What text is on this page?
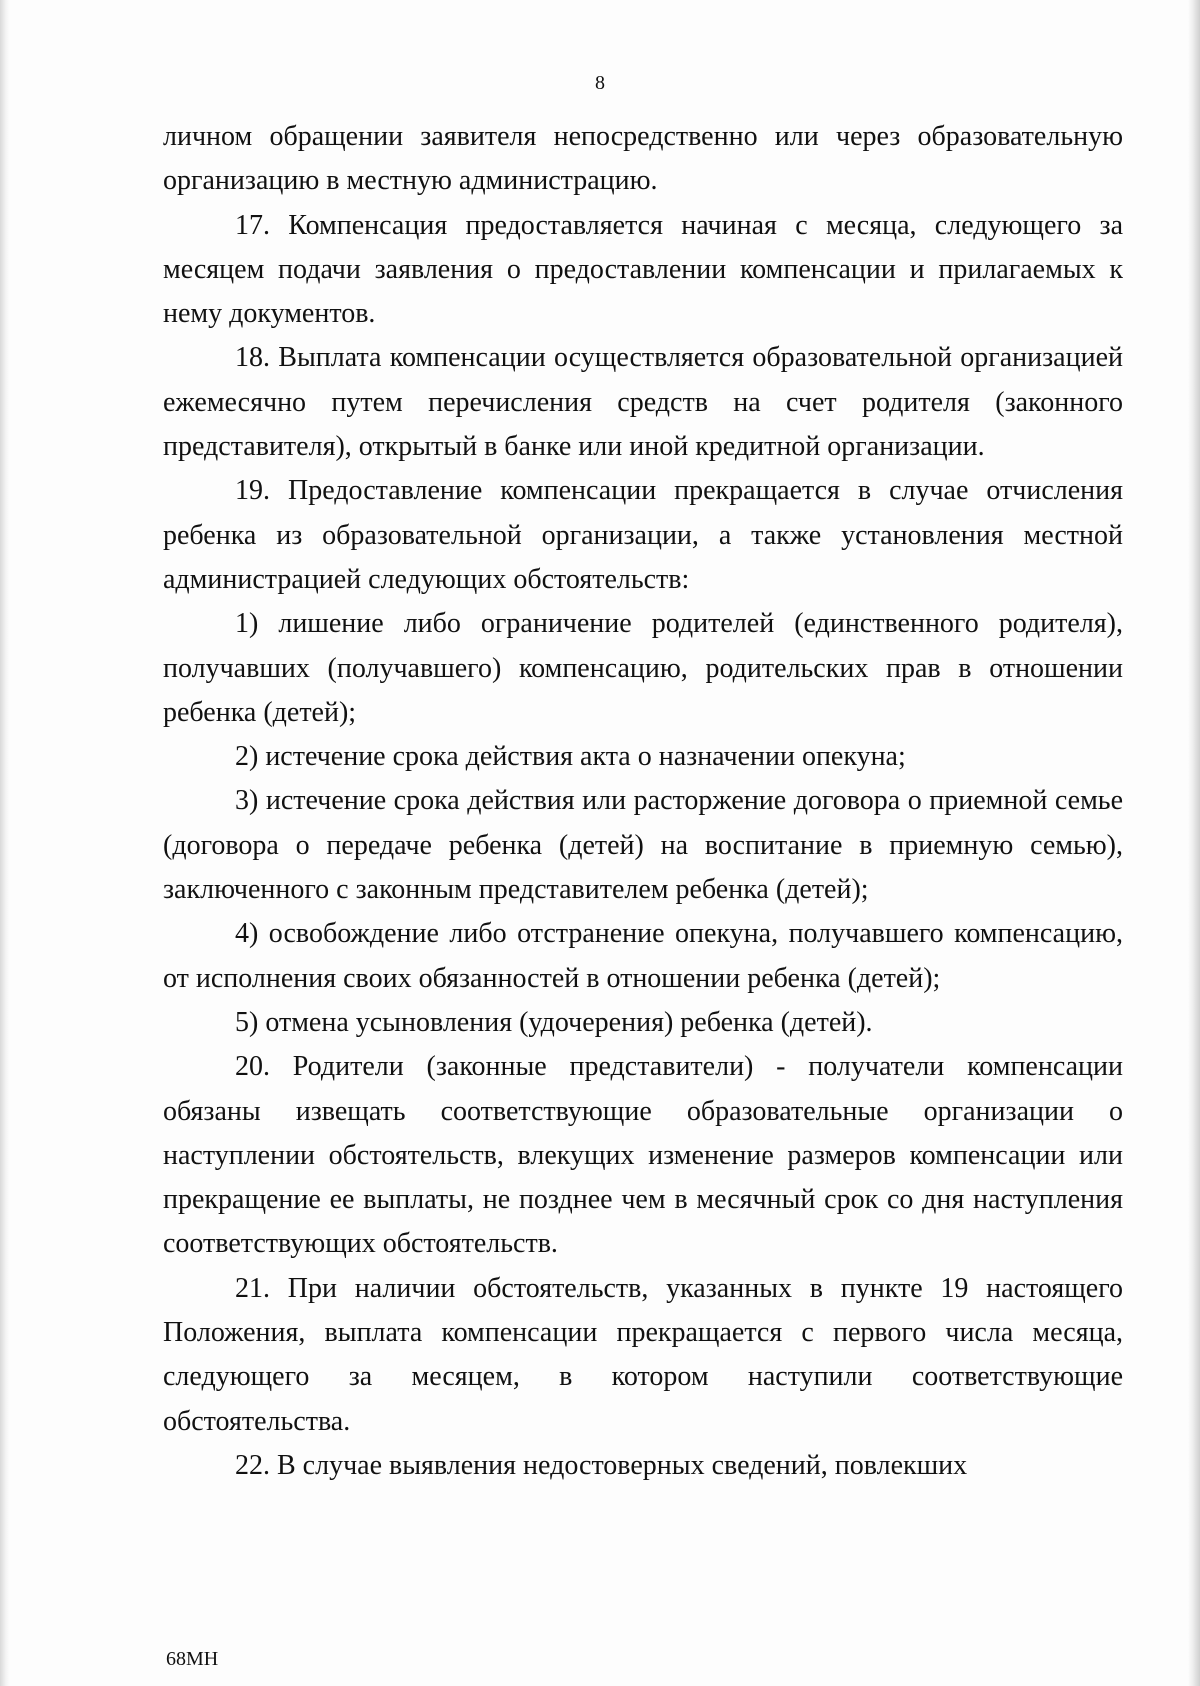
8

личном обращении заявителя непосредственно или через образовательную организацию в местную администрацию.

17. Компенсация предоставляется начиная с месяца, следующего за месяцем подачи заявления о предоставлении компенсации и прилагаемых к нему документов.

18. Выплата компенсации осуществляется образовательной организацией ежемесячно путем перечисления средств на счет родителя (законного представителя), открытый в банке или иной кредитной организации.

19. Предоставление компенсации прекращается в случае отчисления ребенка из образовательной организации, а также установления местной администрацией следующих обстоятельств:

1) лишение либо ограничение родителей (единственного родителя), получавших (получавшего) компенсацию, родительских прав в отношении ребенка (детей);

2) истечение срока действия акта о назначении опекуна;

3) истечение срока действия или расторжение договора о приемной семье (договора о передаче ребенка (детей) на воспитание в приемную семью), заключенного с законным представителем ребенка (детей);

4) освобождение либо отстранение опекуна, получавшего компенсацию, от исполнения своих обязанностей в отношении ребенка (детей);

5) отмена усыновления (удочерения) ребенка (детей).

20. Родители (законные представители) - получатели компенсации обязаны извещать соответствующие образовательные организации о наступлении обстоятельств, влекущих изменение размеров компенсации или прекращение ее выплаты, не позднее чем в месячный срок со дня наступления соответствующих обстоятельств.

21. При наличии обстоятельств, указанных в пункте 19 настоящего Положения, выплата компенсации прекращается с первого числа месяца, следующего за месяцем, в котором наступили соответствующие обстоятельства.

22. В случае выявления недостоверных сведений, повлекших

68МН
